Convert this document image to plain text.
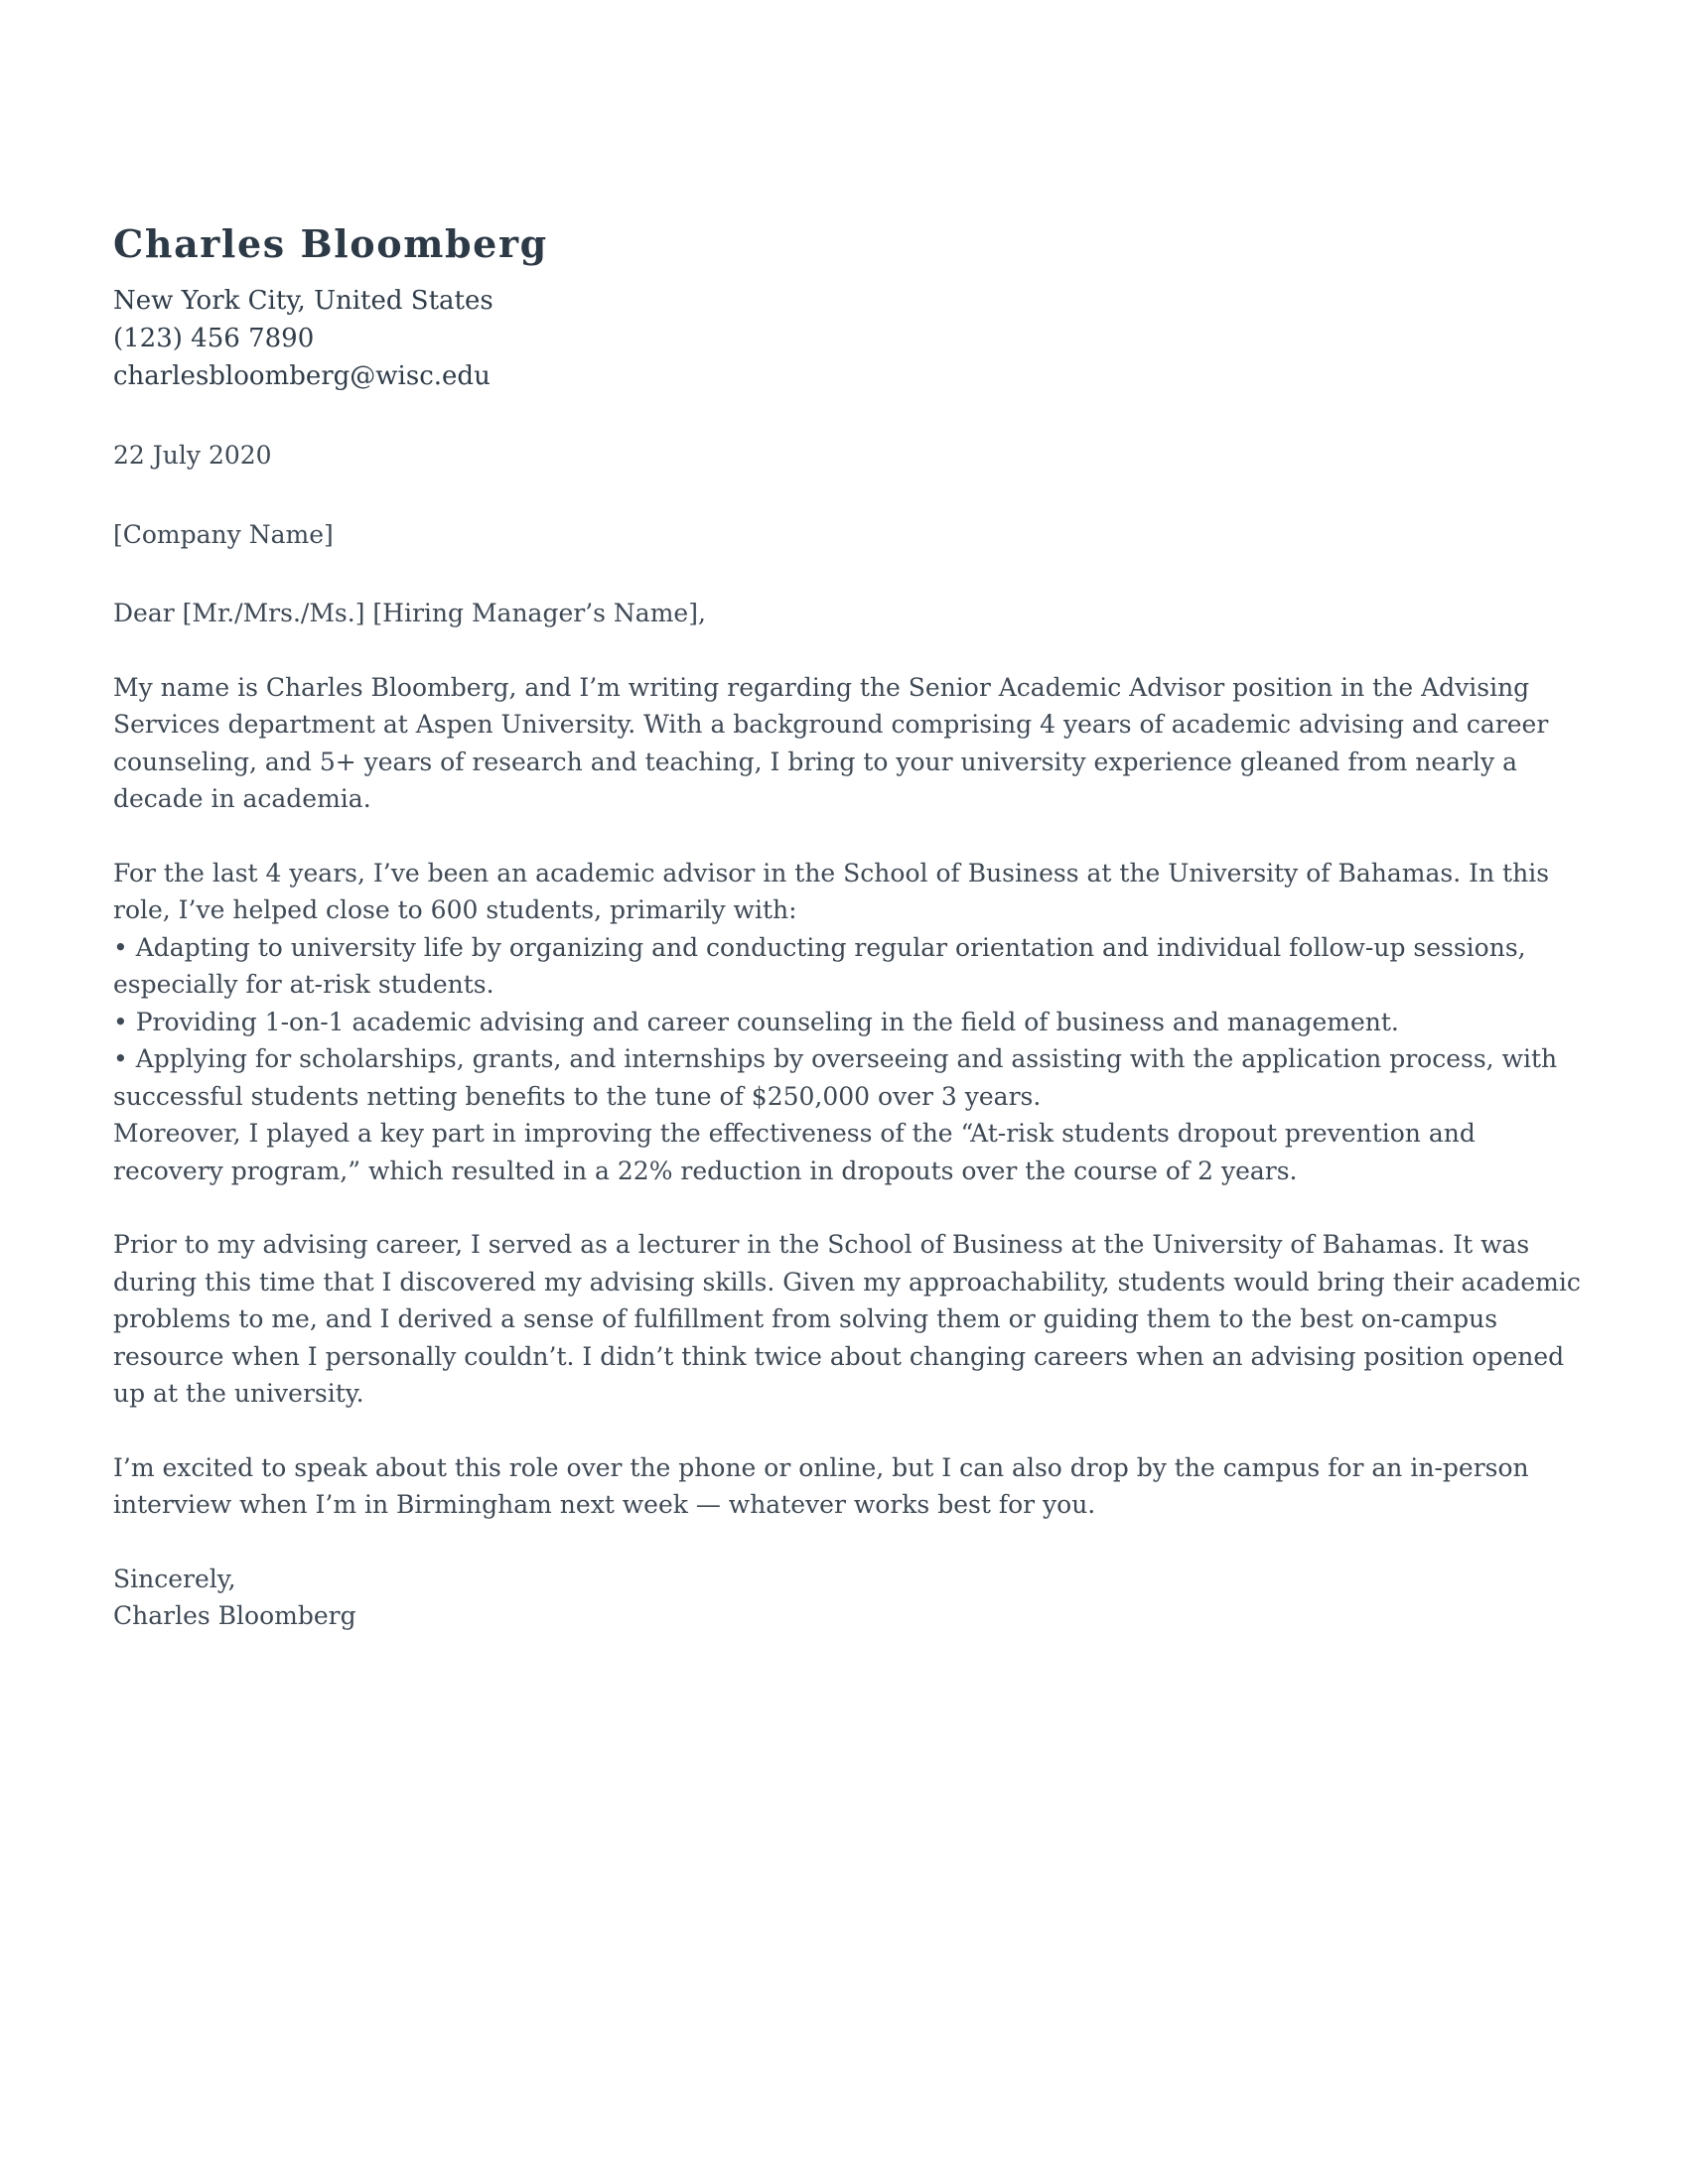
Charles Bloomberg
New York City, United States
(123) 456 7890
charlesbloomberg@wisc.edu
22 July 2020
[Company Name]
Dear [Mr./Mrs./Ms.] [Hiring Manager’s Name],

My name is Charles Bloomberg, and I’m writing regarding the Senior Academic Advisor position in the Advising Services department at Aspen University. With a background comprising 4 years of academic advising and career counseling, and 5+ years of research and teaching, I bring to your university experience gleaned from nearly a decade in academia.

For the last 4 years, I’ve been an academic advisor in the School of Business at the University of Bahamas. In this role, I’ve helped close to 600 students, primarily with:

• Adapting to university life by organizing and conducting regular orientation and individual follow-up sessions, especially for at-risk students.

• Providing 1-on-1 academic advising and career counseling in the field of business and management.

• Applying for scholarships, grants, and internships by overseeing and assisting with the application process, with successful students netting benefits to the tune of $250,000 over 3 years.

Moreover, I played a key part in improving the effectiveness of the “At-risk students dropout prevention and recovery program,” which resulted in a 22% reduction in dropouts over the course of 2 years.

Prior to my advising career, I served as a lecturer in the School of Business at the University of Bahamas. It was during this time that I discovered my advising skills. Given my approachability, students would bring their academic problems to me, and I derived a sense of fulfillment from solving them or guiding them to the best on-campus resource when I personally couldn’t. I didn’t think twice about changing careers when an advising position opened up at the university.

I’m excited to speak about this role over the phone or online, but I can also drop by the campus for an in-person interview when I’m in Birmingham next week — whatever works best for you.

Sincerely,
Charles Bloomberg
